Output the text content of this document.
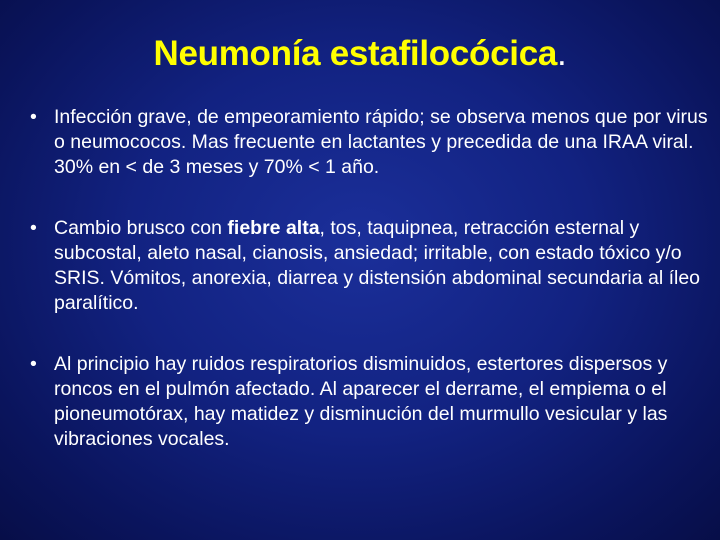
Neumonía estafilocócica.
• Infección grave, de empeoramiento rápido; se observa menos que por virus o neumococos. Mas frecuente en lactantes y precedida de una IRAA viral. 30% en < de 3 meses y 70% < 1 año.
• Cambio brusco con fiebre alta, tos, taquipnea, retracción esternal y subcostal, aleto nasal, cianosis, ansiedad; irritable, con estado tóxico y/o SRIS. Vómitos, anorexia, diarrea y distensión abdominal secundaria al íleo paralítico.
• Al principio hay ruidos respiratorios disminuidos, estertores dispersos y roncos en el pulmón afectado. Al aparecer el derrame, el empiema o el pioneumotórax, hay matidez y disminución del murmullo vesicular y las vibraciones vocales.
